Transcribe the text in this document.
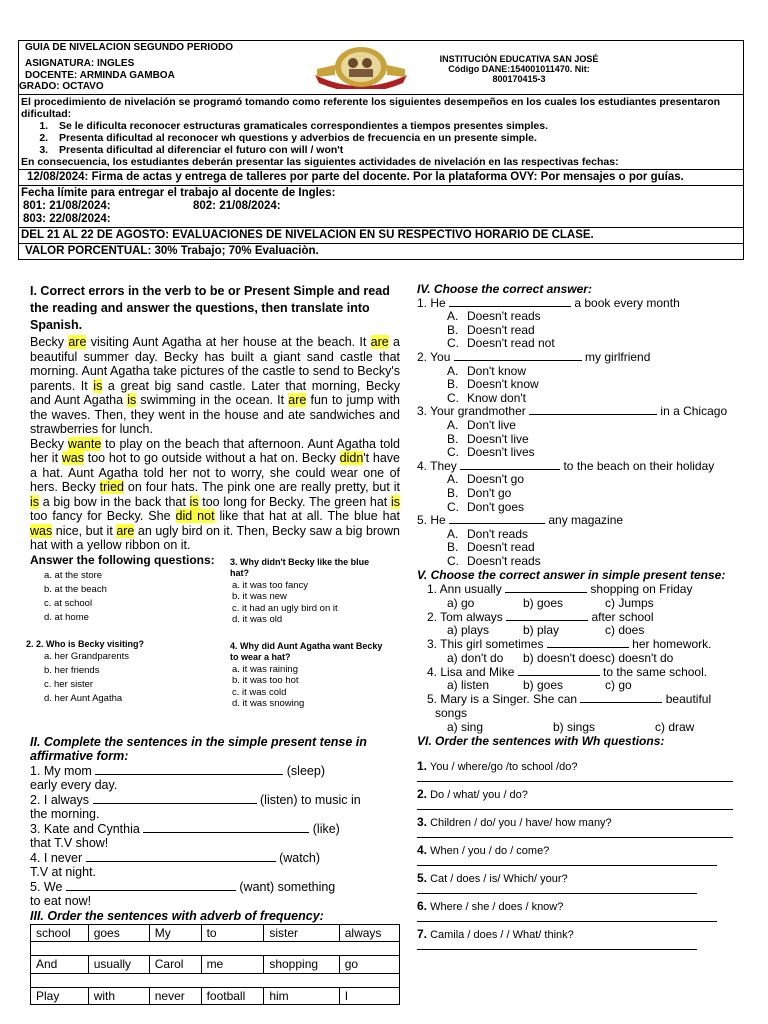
GUIA DE NIVELACION SEGUNDO PERIODO
ASIGNATURA: INGLES
DOCENTE: ARMINDA GAMBOA
GRADO: OCTAVO
INSTITUCIÒN EDUCATIVA SAN JOSÉ
Código DANE:154001011470. Nit:
800170415-3
El procedimiento de nivelación se programó tomando como referente los siguientes desempeños en los cuales los estudiantes presentaron dificultad:
1. Se le dificulta reconocer estructuras gramaticales correspondientes a tiempos presentes simples.
2. Presenta dificultad al reconocer wh questions y adverbios de frecuencia en un presente simple.
3. Presenta dificultad al diferenciar el futuro con will / won't
En consecuencia, los estudiantes deberán presentar las siguientes actividades de nivelación en las respectivas fechas:
12/08/2024: Firma de actas y entrega de talleres por parte del docente. Por la plataforma OVY: Por mensajes o por guías.
Fecha límite para entregar el trabajo al docente de Ingles:
801: 21/08/2024:	802: 21/08/2024:
803: 22/08/2024:
DEL 21 AL 22 DE AGOSTO: EVALUACIONES DE NIVELACION EN SU RESPECTIVO HORARIO DE CLASE.
VALOR PORCENTUAL: 30% Trabajo; 70% Evaluaciòn.
I. Correct errors in the verb to be or Present Simple and read the reading and answer the questions, then translate into Spanish.
Becky are visiting Aunt Agatha at her house at the beach. It are a beautiful summer day. Becky has built a giant sand castle that morning. Aunt Agatha take pictures of the castle to send to Becky's parents. It is a great big sand castle. Later that morning, Becky and Aunt Agatha is swimming in the ocean. It are fun to jump with the waves. Then, they went in the house and ate sandwiches and strawberries for lunch.
Becky wante to play on the beach that afternoon. Aunt Agatha told her it was too hot to go outside without a hat on. Becky didn't have a hat. Aunt Agatha told her not to worry, she could wear one of hers. Becky tried on four hats. The pink one are really pretty, but it is a big bow in the back that is too long for Becky. The green hat is too fancy for Becky. She did not like that hat at all. The blue hat was nice, but it are an ugly bird on it. Then, Becky saw a big brown hat with a yellow ribbon on it.
Answer the following questions:
a. at the store
b. at the beach
c. at school
d. at home
2. 2. Who is Becky visiting?
a. her Grandparents
b. her friends
c. her sister
d. her Aunt Agatha
3. Why didn't Becky like the blue hat?
a. it was too fancy
b. it was new
c. it had an ugly bird on it
d. it was old
4. Why did Aunt Agatha want Becky to wear a hat?
a. it was raining
b. it was too hot
c. it was cold
d. it was snowing
II. Complete the sentences in the simple present tense in affirmative form:
1. My mom	(sleep)
early every day.
2. I always	(listen) to music in
the morning.
3. Kate and Cynthia	(like)
that T.V show!
4. I never	(watch)
T.V at night.
5. We	(want) something
to eat now!
III. Order the sentences with adverb of frequency:
school	goes	My	to	sister	always

And	usually	Carol	me	shopping	go

Play	with	never	football	him	I
IV. Choose the correct answer:
1. He	a book every month
A. Doesn't reads
B. Doesn't read
C. Doesn't read not
2. You	my girlfriend
A. Don't know
B. Doesn't know
C. Know don't
3. Your grandmother	in a Chicago
A. Don't live
B. Doesn't live
C. Doesn't lives
4. They	to the beach on their holiday
A. Doesn't go
B. Don't go
C. Don't goes
5. He	any magazine
A. Don't reads
B. Doesn't read
C. Doesn't reads
V. Choose the correct answer in simple present tense:
1. Ann usually	shopping on Friday
a) go	b) goes	c) Jumps
2. Tom always	after school
a) plays	b) play	c) does
3. This girl sometimes	her homework.
a) don't do b) doesn't does c) doesn't do
4. Lisa and Mike	to the same school.
a) listen	b) goes	c) go
5. Mary is a Singer. She can	beautiful
songs
a) sing	b) sings	c) draw
VI. Order the sentences with Wh questions:
1. You / where/go /to school /do?
2. Do / what/ you / do?
3. Children / do/ you / have/ how many?
4. When / you / do / come?
5. Cat / does / is/ Which/ your?
6. Where / she / does / know?
7. Camila / does / / What/ think?
